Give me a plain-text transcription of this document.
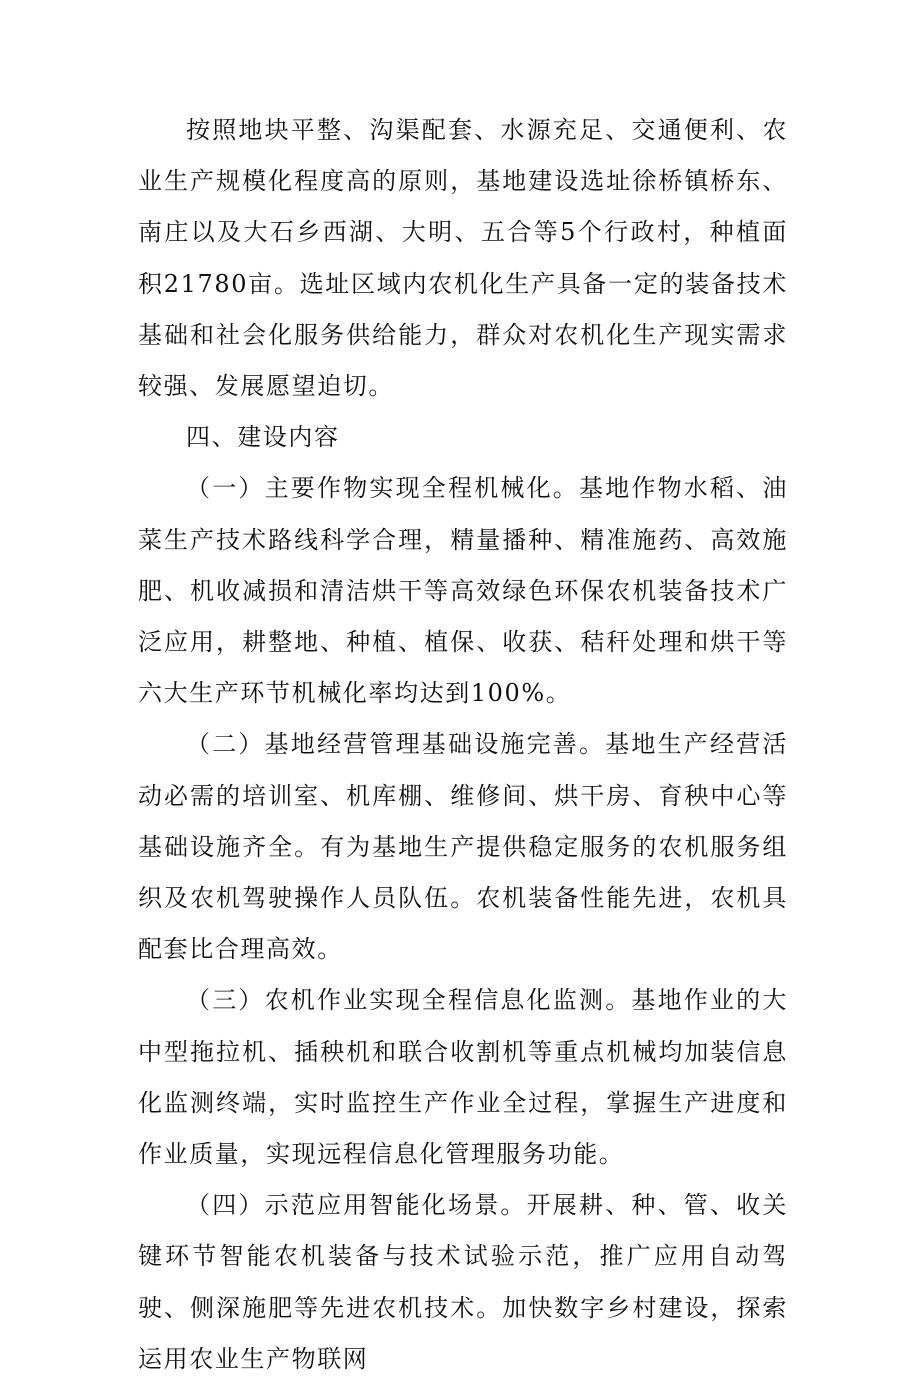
按照地块平整、沟渠配套、水源充足、交通便利、农业生产规模化程度高的原则，基地建设选址徐桥镇桥东、南庄以及大石乡西湖、大明、五合等5个行政村，种植面积21780亩。选址区域内农机化生产具备一定的装备技术基础和社会化服务供给能力，群众对农机化生产现实需求较强、发展愿望迫切。

四、建设内容

（一）主要作物实现全程机械化。基地作物水稻、油菜生产技术路线科学合理，精量播种、精准施药、高效施肥、机收减损和清洁烘干等高效绿色环保农机装备技术广泛应用，耕整地、种植、植保、收获、秸秆处理和烘干等六大生产环节机械化率均达到100%。

（二）基地经营管理基础设施完善。基地生产经营活动必需的培训室、机库棚、维修间、烘干房、育秧中心等基础设施齐全。有为基地生产提供稳定服务的农机服务组织及农机驾驶操作人员队伍。农机装备性能先进，农机具配套比合理高效。

（三）农机作业实现全程信息化监测。基地作业的大中型拖拉机、插秧机和联合收割机等重点机械均加装信息化监测终端，实时监控生产作业全过程，掌握生产进度和作业质量，实现远程信息化管理服务功能。

（四）示范应用智能化场景。开展耕、种、管、收关键环节智能农机装备与技术试验示范，推广应用自动驾驶、侧深施肥等先进农机技术。加快数字乡村建设，探索运用农业生产物联网
